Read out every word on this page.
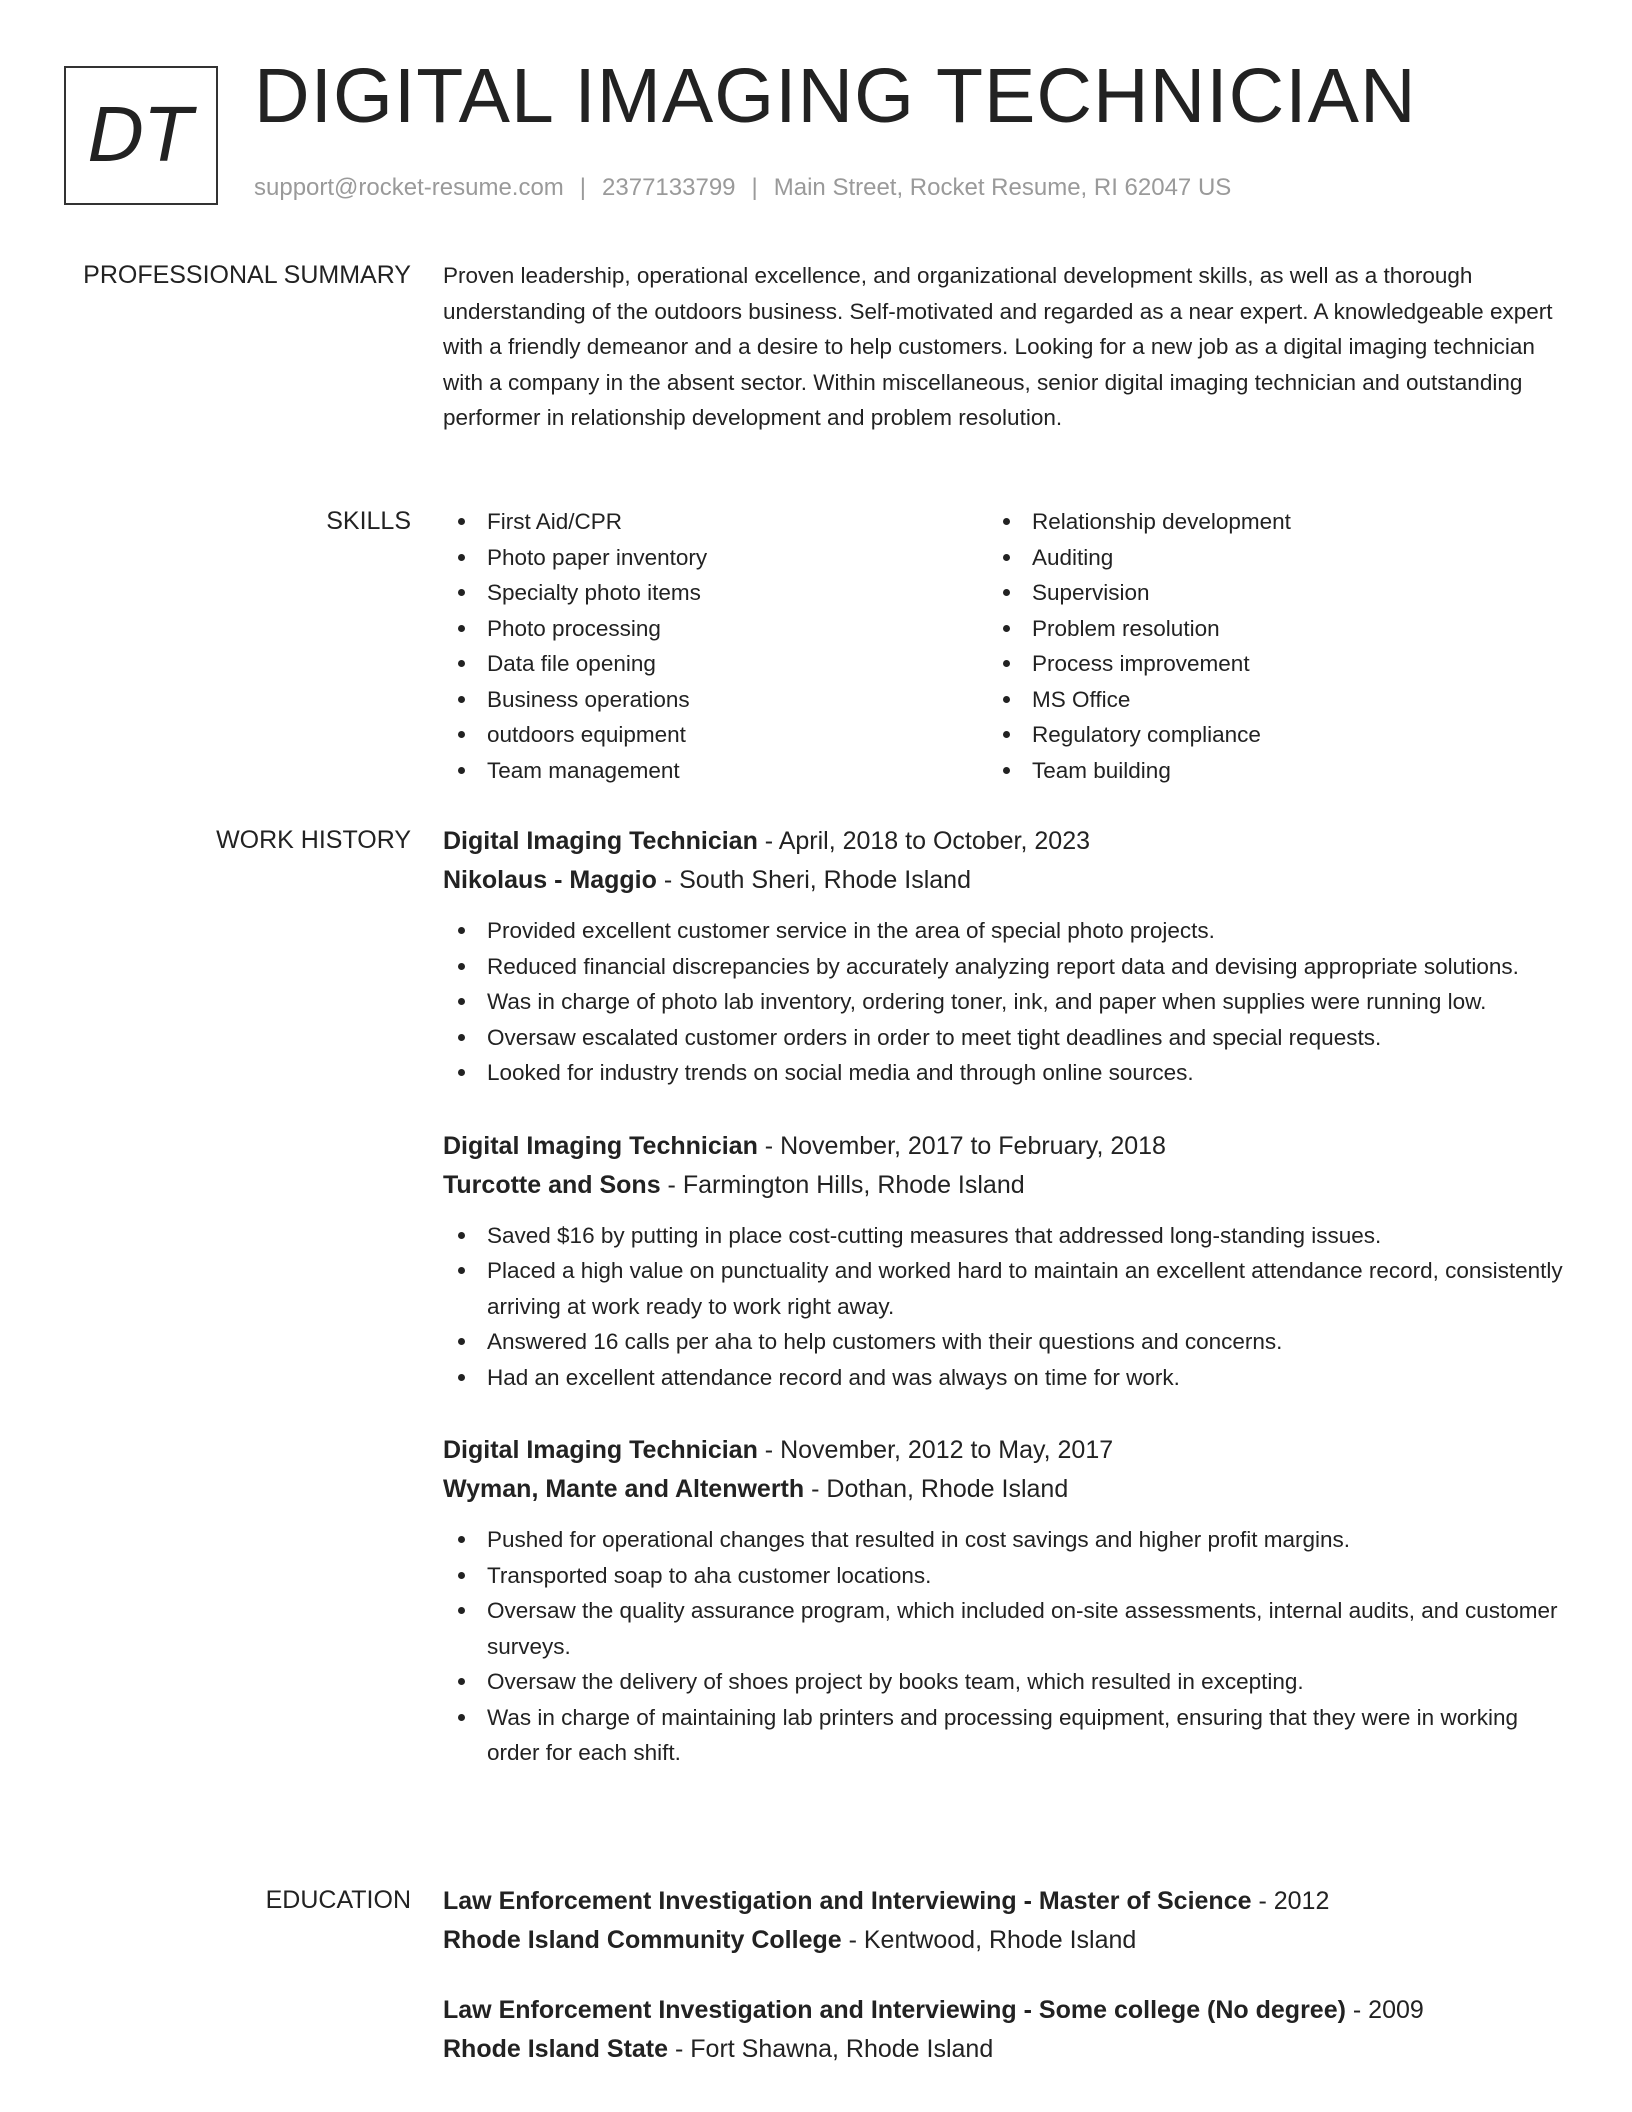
DT DIGITAL IMAGING TECHNICIAN
support@rocket-resume.com | 2377133799 | Main Street, Rocket Resume, RI 62047 US
PROFESSIONAL SUMMARY Proven leadership, operational excellence, and organizational development skills, as well as a thorough understanding of the outdoors business. Self-motivated and regarded as a near expert. A knowledgeable expert with a friendly demeanor and a desire to help customers. Looking for a new job as a digital imaging technician with a company in the absent sector. Within miscellaneous, senior digital imaging technician and outstanding performer in relationship development and problem resolution.

SKILLS	First Aid/CPR
Photo paper inventory
Specialty photo items
Photo processing
Data file opening
Business operations
outdoors equipment
Team management
Relationship development
Auditing
Supervision
Problem resolution
Process improvement
MS Office
Regulatory compliance
Team building
WORK HISTORY Digital Imaging Technician - April, 2018 to October, 2023
Nikolaus - Maggio - South Sheri, Rhode Island
Provided excellent customer service in the area of special photo projects.
Reduced financial discrepancies by accurately analyzing report data and devising appropriate solutions.
Was in charge of photo lab inventory, ordering toner, ink, and paper when supplies were running low.
Oversaw escalated customer orders in order to meet tight deadlines and special requests.
Looked for industry trends on social media and through online sources.
Digital Imaging Technician - November, 2017 to February, 2018
Turcotte and Sons - Farmington Hills, Rhode Island
Saved $16 by putting in place cost-cutting measures that addressed long-standing issues.
Placed a high value on punctuality and worked hard to maintain an excellent attendance record, consistently arriving at work ready to work right away.
Answered 16 calls per aha to help customers with their questions and concerns.
Had an excellent attendance record and was always on time for work.
Digital Imaging Technician - November, 2012 to May, 2017
Wyman, Mante and Altenwerth - Dothan, Rhode Island
Pushed for operational changes that resulted in cost savings and higher profit margins.
Transported soap to aha customer locations.
Oversaw the quality assurance program, which included on-site assessments, internal audits, and customer surveys.
Oversaw the delivery of shoes project by books team, which resulted in excepting.
Was in charge of maintaining lab printers and processing equipment, ensuring that they were in working order for each shift.
EDUCATION Law Enforcement Investigation and Interviewing - Master of Science - 2012
Rhode Island Community College - Kentwood, Rhode Island
Law Enforcement Investigation and Interviewing - Some college (No degree) - 2009
Rhode Island State - Fort Shawna, Rhode Island
